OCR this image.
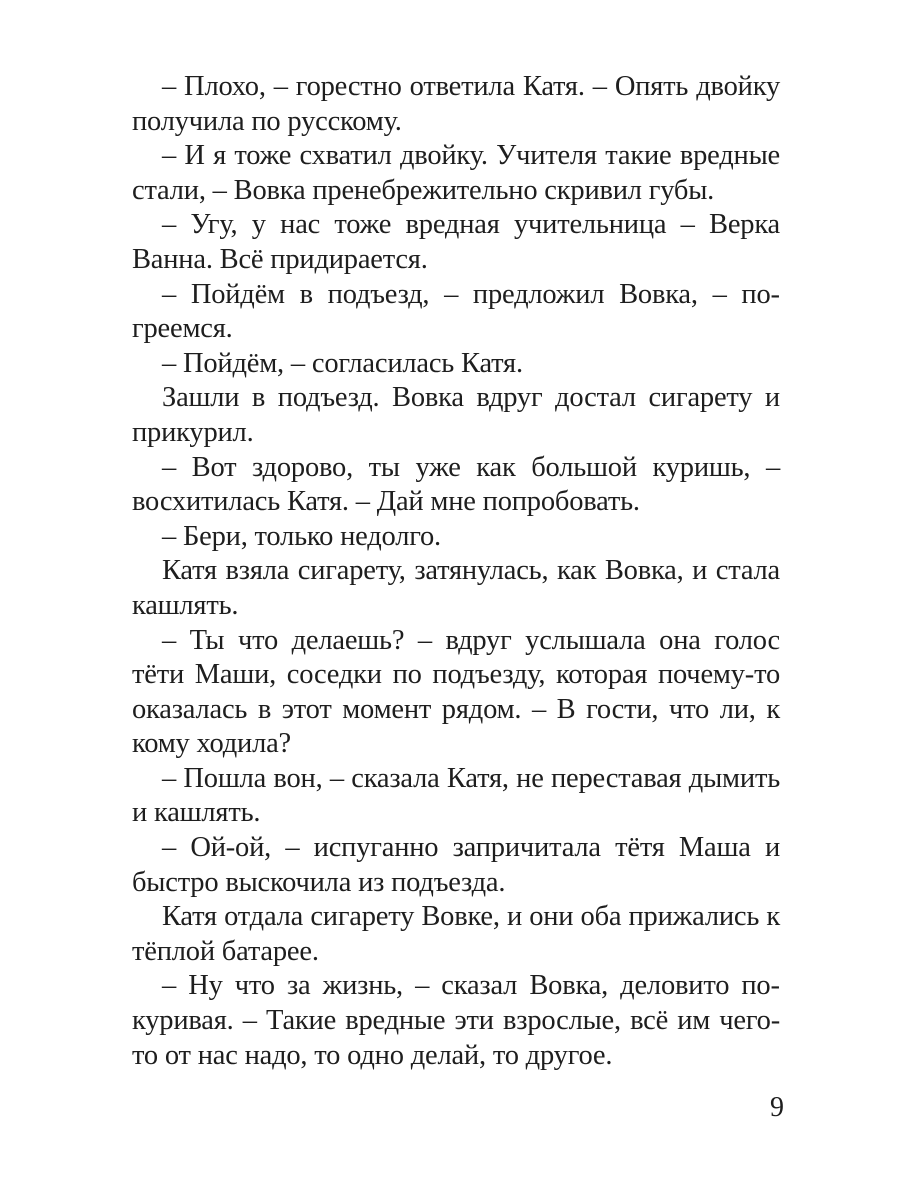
– Плохо, – горестно ответила Катя. – Опять двойку получила по русскому.

– И я тоже схватил двойку. Учителя такие вредные стали, – Вовка пренебрежительно скривил губы.

– Угу, у нас тоже вредная учительница – Верка Ванна. Всё придирается.

– Пойдём в подъезд, – предложил Вовка, – погреемся.

– Пойдём, – согласилась Катя.

Зашли в подъезд. Вовка вдруг достал сигарету и прикурил.

– Вот здорово, ты уже как большой куришь, – восхитилась Катя. – Дай мне попробовать.

– Бери, только недолго.

Катя взяла сигарету, затянулась, как Вовка, и стала кашлять.

– Ты что делаешь? – вдруг услышала она голос тёти Маши, соседки по подъезду, которая почему-то оказалась в этот момент рядом. – В гости, что ли, к кому ходила?

– Пошла вон, – сказала Катя, не переставая дымить и кашлять.

– Ой-ой, – испуганно запричитала тётя Маша и быстро выскочила из подъезда.

Катя отдала сигарету Вовке, и они оба прижались к тёплой батарее.

– Ну что за жизнь, – сказал Вовка, деловито покуривая. – Такие вредные эти взрослые, всё им чего-то от нас надо, то одно делай, то другое.

9
